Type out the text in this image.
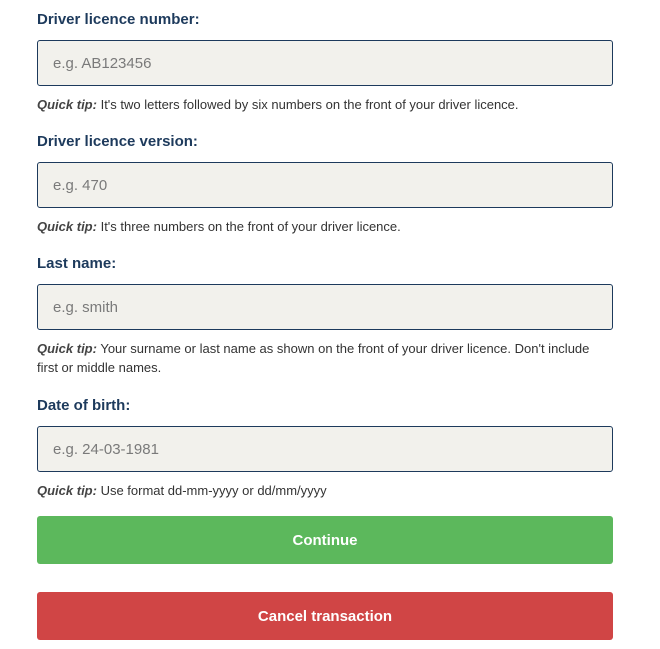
Driver licence number:
e.g. AB123456
Quick tip: It's two letters followed by six numbers on the front of your driver licence.
Driver licence version:
e.g. 470
Quick tip: It's three numbers on the front of your driver licence.
Last name:
e.g. smith
Quick tip: Your surname or last name as shown on the front of your driver licence. Don't include first or middle names.
Date of birth:
e.g. 24-03-1981
Quick tip: Use format dd-mm-yyyy or dd/mm/yyyy
Continue
Cancel transaction
